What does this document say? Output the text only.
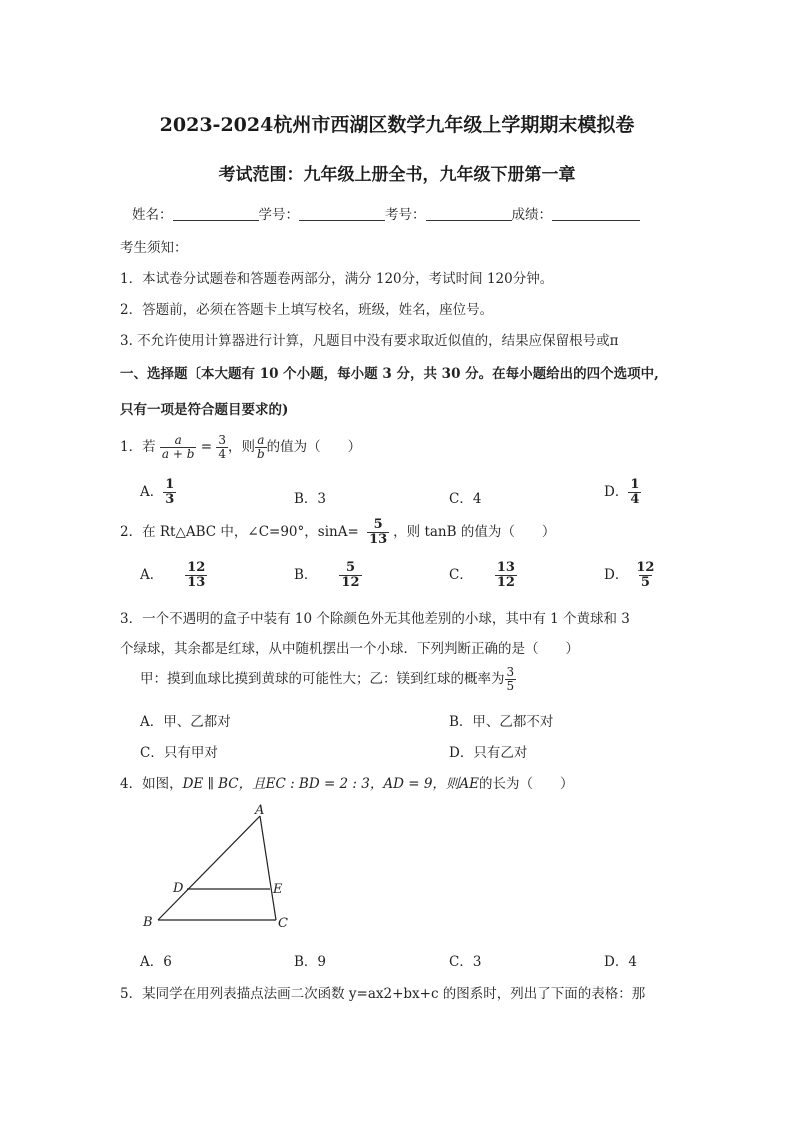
2023-2024杭州市西湖区数学九年级上学期期末模拟卷
考试范围：九年级上册全书，九年级下册第一章
姓名：	学号：	考号：	成绩：
考生须知：
1．本试卷分试题卷和答题卷两部分，满分 120分，考试时间 120分钟。
2．答题前，必须在答题卡上填写校名，班级，姓名，座位号。
3. 不允许使用计算器进行计算，凡题目中没有要求取近似值的，结果应保留根号或π
一、选择题〔本大题有 10 个小题，每小题 3 分，共 30 分。在每小题给出的四个选项中,
只有一项是符合题目要求的)
1．若 $\frac{a}{a + b} = \frac{3}{4}$ ，则 $\frac{a}{b}$ 的值为（　　）
A． $\frac{1}{3}$	B．3	C．4	D． $\frac{1}{4}$
2．在 Rt△ABC 中，∠C=90°，$\sin A= \frac{5}{13}$ ，则 tanB 的值为（　　）
A． $\frac{12}{13}$	B． $\frac{5}{12}$	C． $\frac{13}{12}$	D． $\frac{12}{5}$
3．一个不遇明的盒子中装有 10 个除颜色外无其他差别的小球，其中有 1 个黄球和 3
个绿球，其余都是红球，从中随机摆出一个小球．下列判断正确的是（　　）
甲：摸到血球比摸到黄球的可能性大；乙：镁到红球的概率为 $\frac{3}{5}$
A．甲、乙都对	B．甲、乙都不对
C．只有甲对	D．只有乙对
4．如图，DE ∥ BC，且EC : BD = 2 : 3，AD = 9，则AE的长为（　　）
A
B	C
D	E
A．6	B．9	C．3	D．4
5．某同学在用列表描点法画二次函数 y=ax2+bx+c 的图系时，列出了下面的表格：那
